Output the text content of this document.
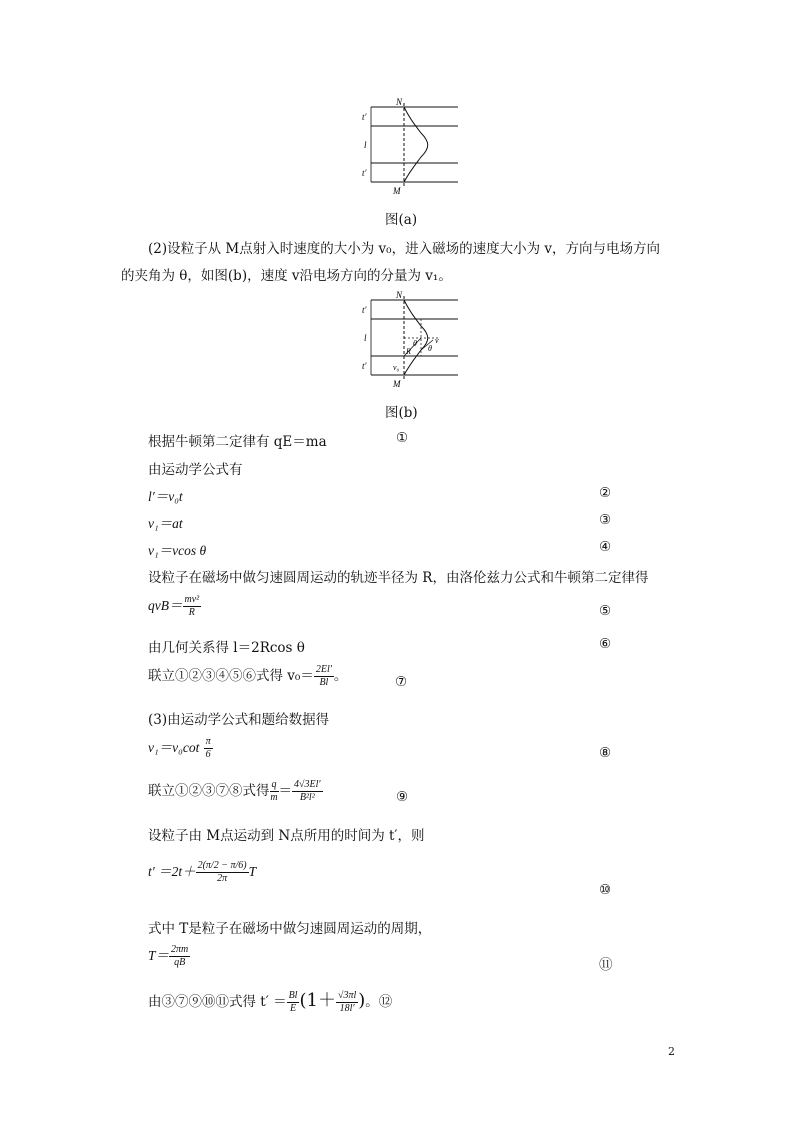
N
M
t′
l
t′
图(a)
(2)设粒子从 M点射入时速度的大小为 v₀，进入磁场的速度大小为 v，方向与电场方向
的夹角为 θ，如图(b)，速度 v沿电场方向的分量为 v₁。
N
M
t′
l
t′
R
θ
θ
v
v₀
图(b)
根据牛顿第二定律有 qE＝ma	①
由运动学公式有
l′＝v₀t	②
v₁＝at	③
v₁＝vcos θ	④
设粒子在磁场中做匀速圆周运动的轨迹半径为 R，由洛伦兹力公式和牛顿第二定律得
$qvB= \frac{\text{mv²}}{R}$	⑤
由几何关系得 l＝2Rcos θ	⑥
联立①②③④⑤⑥式得 $v_0= \frac{2El'}{Bl}$ 。	⑦
(3)由运动学公式和题给数据得
$v_1=v_0\cot \frac{\pi}{6}$	⑧
联立①②③⑦⑧式得 $\frac{q}{m} = \frac{4√3El'}{\text{B²l²}}$	⑨
设粒子由 M点运动到 N点所用的时间为 t′，则
$t' =2t+ \frac{2(\pi/2 - \pi/6)}{2\pi}$ T
⑩
式中 T是粒子在磁场中做匀速圆周运动的周期，
$T= \frac{2\pi m}{qB}$	⑪
由③⑦⑨⑩⑪式得 $t' = \frac{Bl}{E} (1+ \frac{√3\pi l}{18l'}$ )。⑫
2
